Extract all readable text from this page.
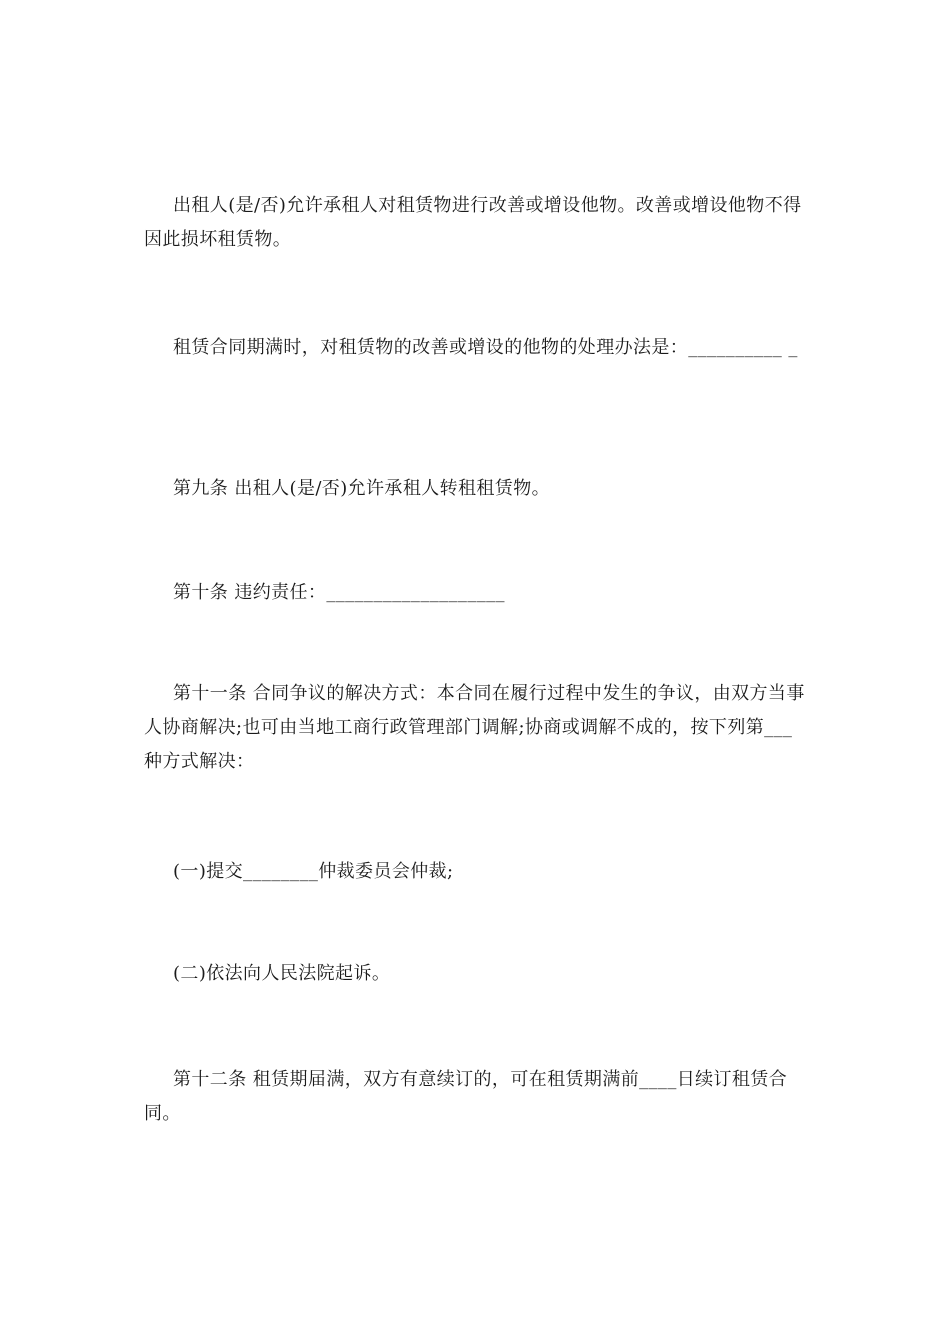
出租人(是/否)允许承租人对租赁物进行改善或增设他物。改善或增设他物不得因此损坏租赁物。

租赁合同期满时，对租赁物的改善或增设的他物的处理办法是：__________ _

第九条 出租人(是/否)允许承租人转租租赁物。

第十条 违约责任：___________________

第十一条 合同争议的解决方式：本合同在履行过程中发生的争议，由双方当事人协商解决;也可由当地工商行政管理部门调解;协商或调解不成的，按下列第___种方式解决：

(一)提交________仲裁委员会仲裁;

(二)依法向人民法院起诉。

第十二条 租赁期届满，双方有意续订的，可在租赁期满前____日续订租赁合同。
